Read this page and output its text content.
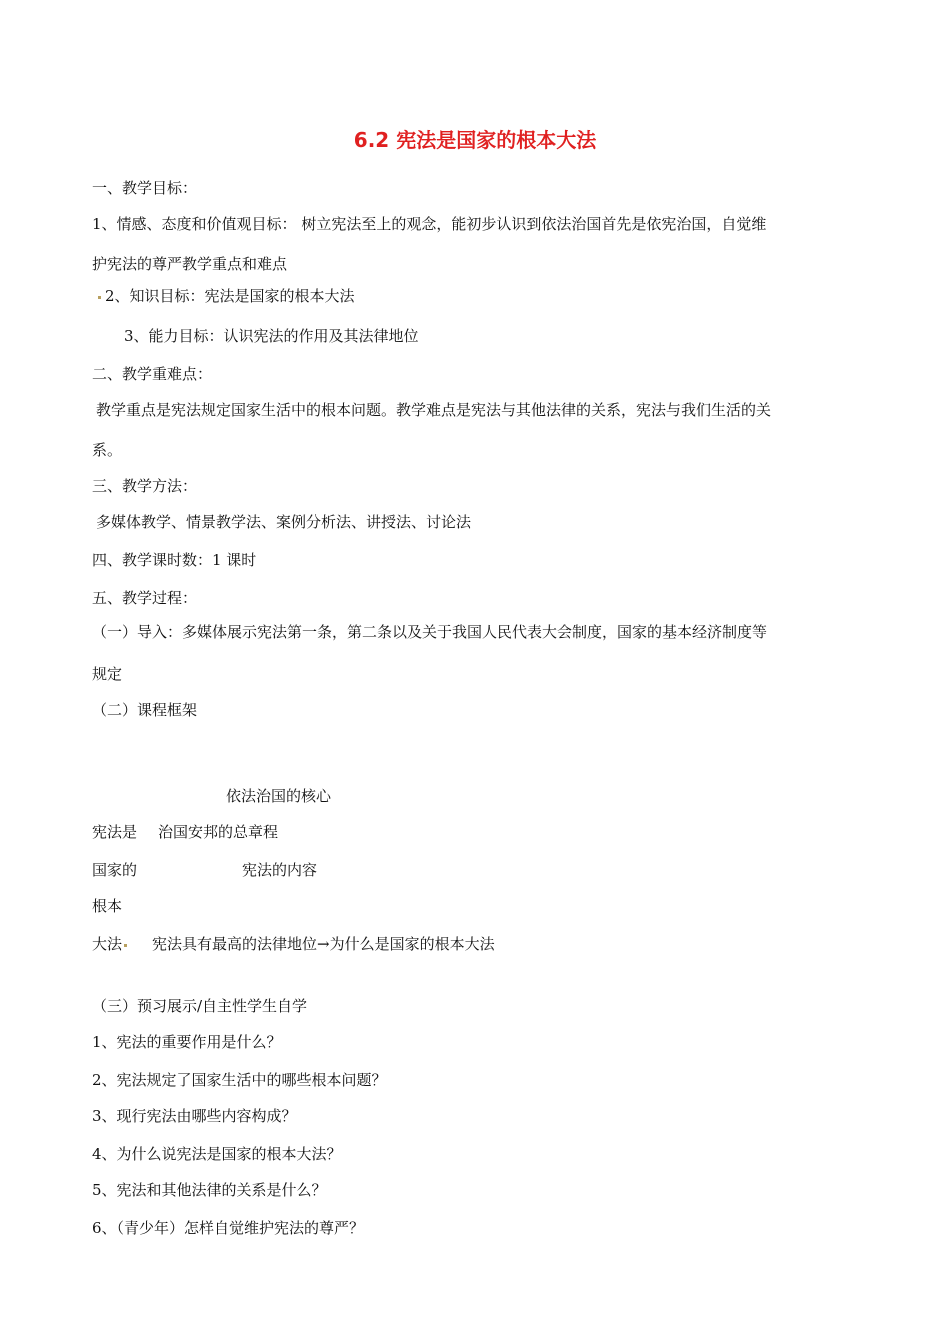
6.2 宪法是国家的根本大法
一、教学目标：
1、情感、态度和价值观目标： 树立宪法至上的观念，能初步认识到依法治国首先是依宪治国，自觉维
护宪法的尊严教学重点和难点
2、知识目标：宪法是国家的根本大法
3、能力目标：认识宪法的作用及其法律地位
二、教学重难点：
教学重点是宪法规定国家生活中的根本问题。教学难点是宪法与其他法律的关系，宪法与我们生活的关
系。
三、教学方法：
多媒体教学、情景教学法、案例分析法、讲授法、讨论法
四、教学课时数：1 课时
五、教学过程：
（一）导入：多媒体展示宪法第一条，第二条以及关于我国人民代表大会制度，国家的基本经济制度等
规定
（二）课程框架
依法治国的核心
宪法是 治国安邦的总章程
国家的	宪法的内容
根本
大法	宪法具有最高的法律地位→为什么是国家的根本大法
（三）预习展示/自主性学生自学
1、宪法的重要作用是什么？
2、宪法规定了国家生活中的哪些根本问题？
3、现行宪法由哪些内容构成？
4、为什么说宪法是国家的根本大法？
5、宪法和其他法律的关系是什么？
6、（青少年）怎样自觉维护宪法的尊严？
